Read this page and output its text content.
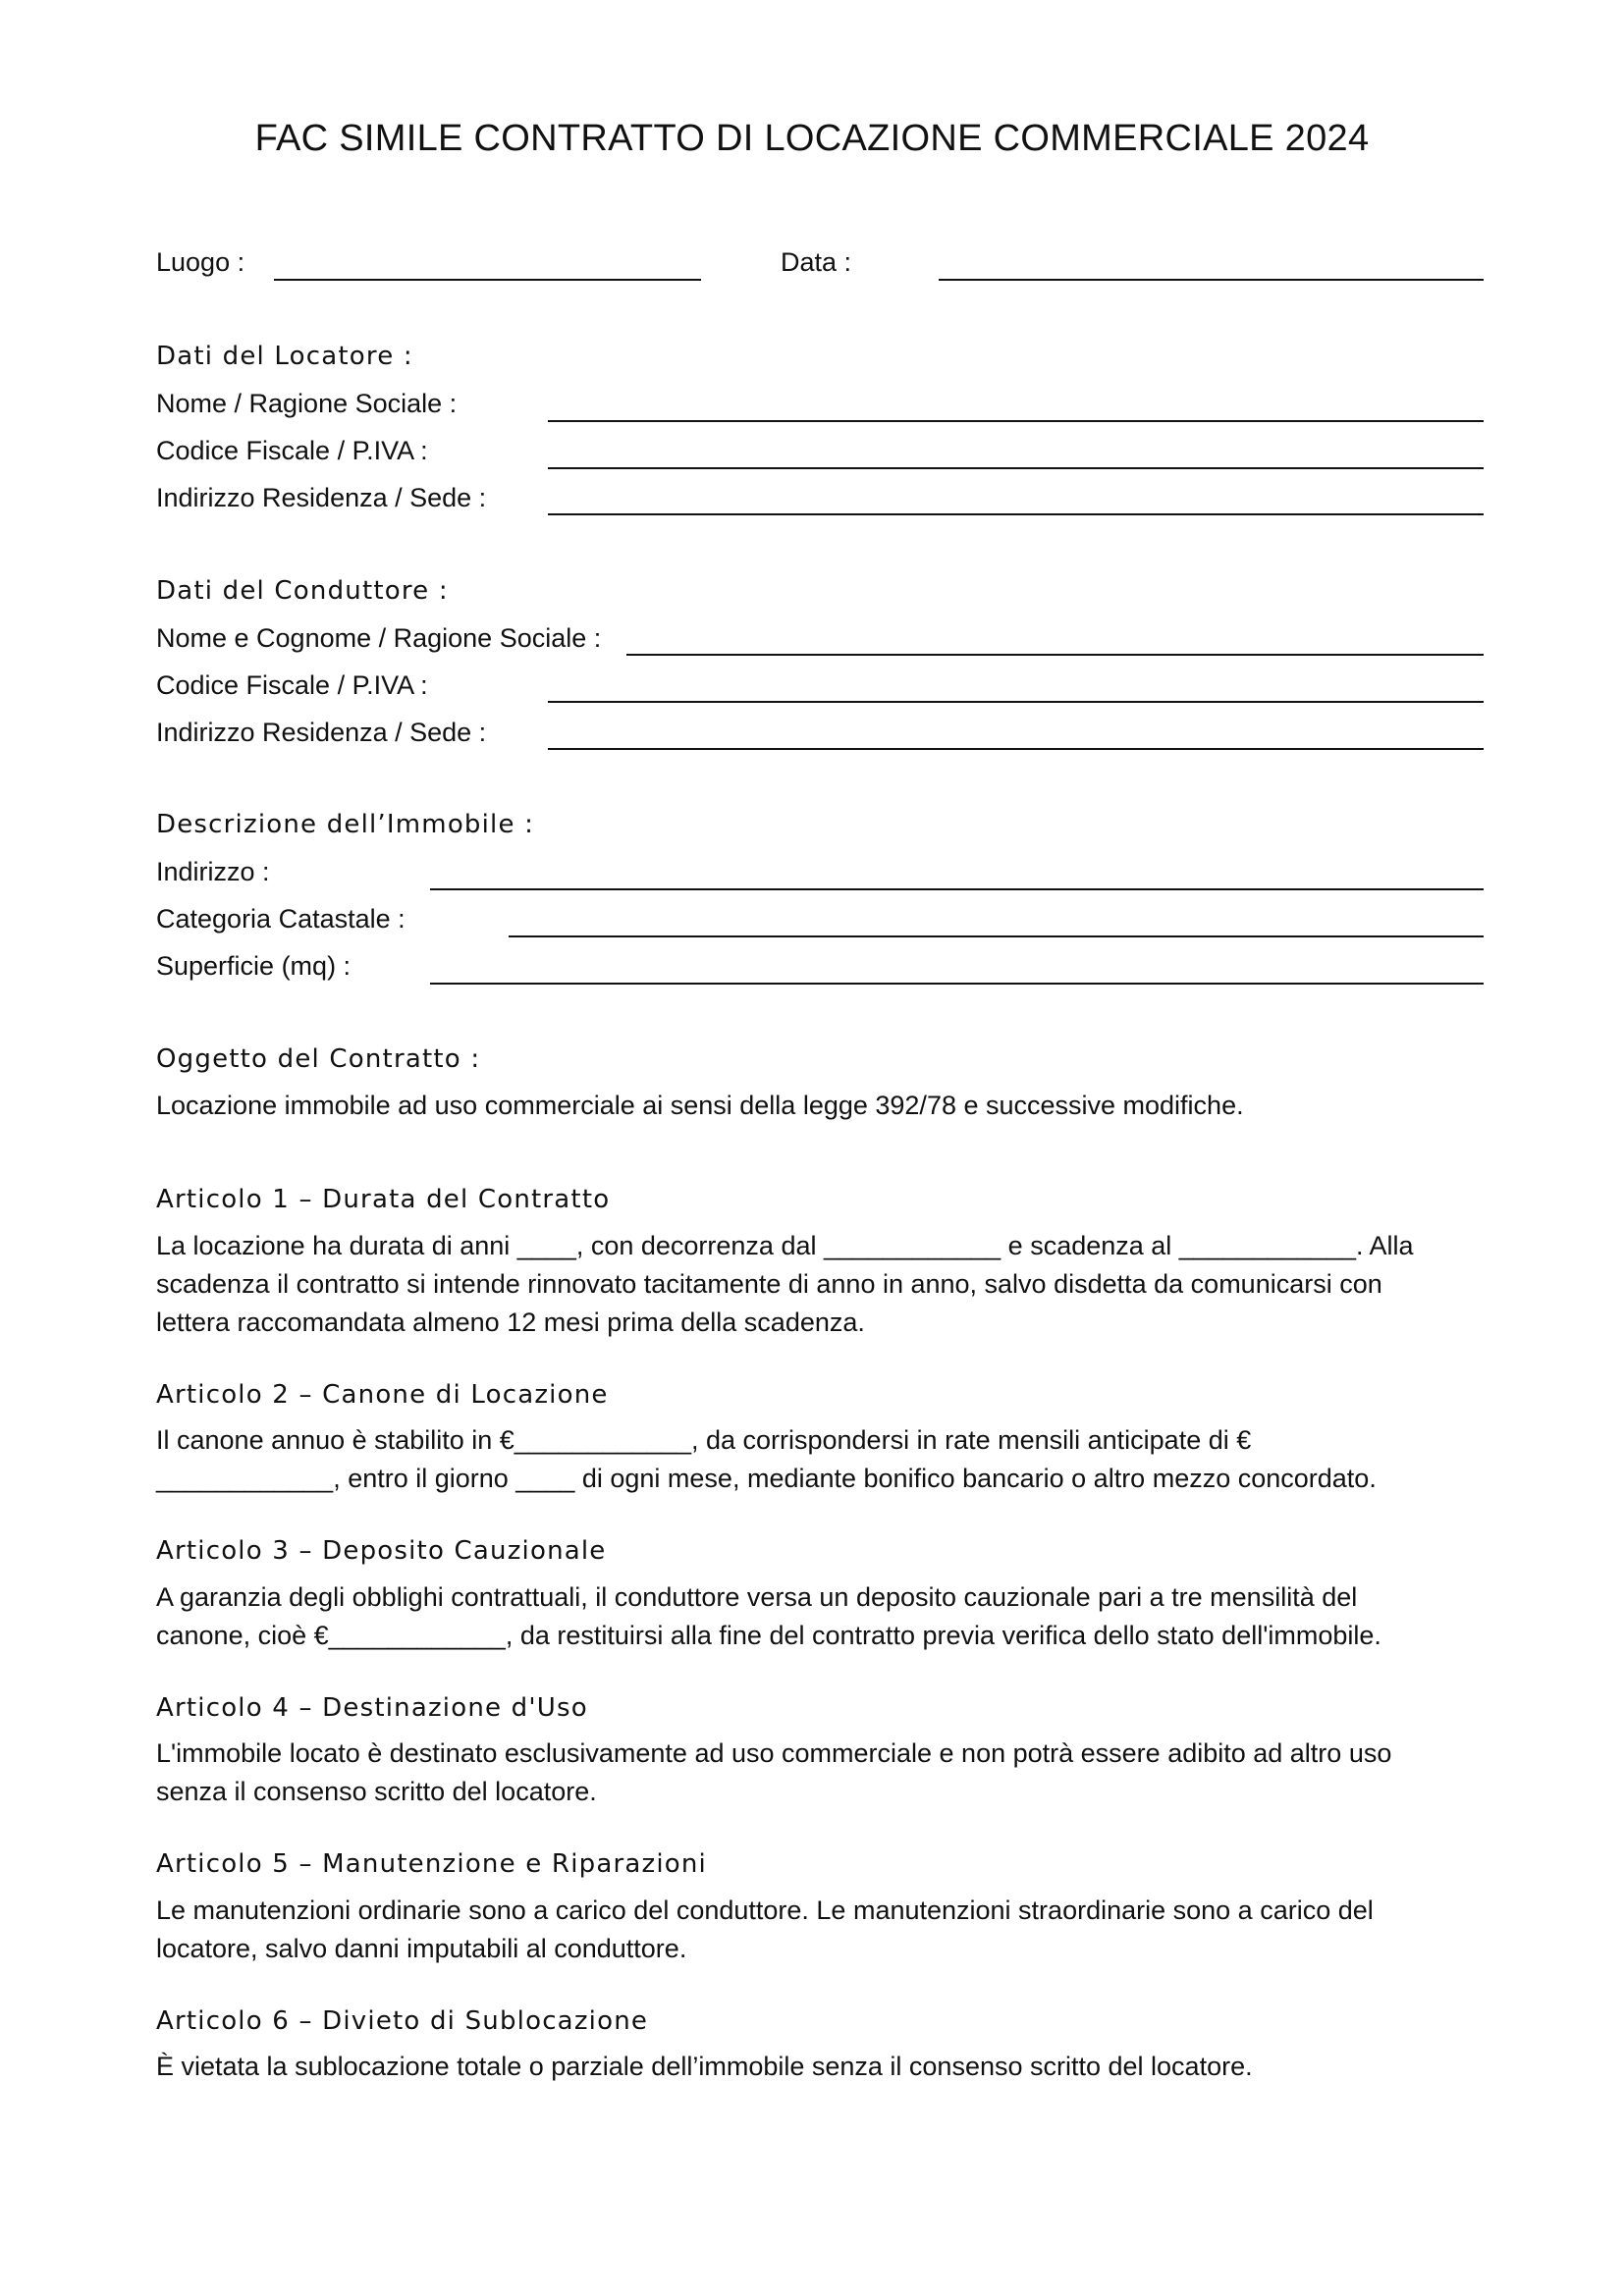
FAC SIMILE CONTRATTO DI LOCAZIONE COMMERCIALE 2024
Luogo :	Data :
Dati del Locatore :
Nome / Ragione Sociale :
Codice Fiscale / P.IVA :
Indirizzo Residenza / Sede :
Dati del Conduttore :
Nome e Cognome / Ragione Sociale :
Codice Fiscale / P.IVA :
Indirizzo Residenza / Sede :
Descrizione dell’Immobile :
Indirizzo :
Categoria Catastale :
Superficie (mq) :
Oggetto del Contratto :
Locazione immobile ad uso commerciale ai sensi della legge 392/78 e successive modifiche.
Articolo 1 – Durata del Contratto
La locazione ha durata di anni ____, con decorrenza dal ____________ e scadenza al ____________. Alla
scadenza il contratto si intende rinnovato tacitamente di anno in anno, salvo disdetta da comunicarsi con
lettera raccomandata almeno 12 mesi prima della scadenza.
Articolo 2 – Canone di Locazione
Il canone annuo è stabilito in €____________, da corrispondersi in rate mensili anticipate di €
____________, entro il giorno ____ di ogni mese, mediante bonifico bancario o altro mezzo concordato.
Articolo 3 – Deposito Cauzionale
A garanzia degli obblighi contrattuali, il conduttore versa un deposito cauzionale pari a tre mensilità del
canone, cioè €____________, da restituirsi alla fine del contratto previa verifica dello stato dell'immobile.
Articolo 4 – Destinazione d'Uso
L'immobile locato è destinato esclusivamente ad uso commerciale e non potrà essere adibito ad altro uso
senza il consenso scritto del locatore.
Articolo 5 – Manutenzione e Riparazioni
Le manutenzioni ordinarie sono a carico del conduttore. Le manutenzioni straordinarie sono a carico del
locatore, salvo danni imputabili al conduttore.
Articolo 6 – Divieto di Sublocazione
È vietata la sublocazione totale o parziale dell’immobile senza il consenso scritto del locatore.
